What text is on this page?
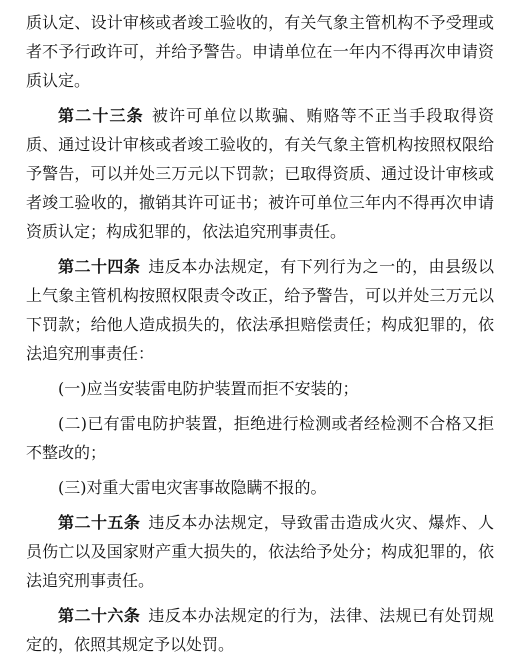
质认定、设计审核或者竣工验收的，有关气象主管机构不予受理或者不予行政许可，并给予警告。申请单位在一年内不得再次申请资质认定。

第二十三条 被许可单位以欺骗、贿赂等不正当手段取得资质、通过设计审核或者竣工验收的，有关气象主管机构按照权限给予警告，可以并处三万元以下罚款；已取得资质、通过设计审核或者竣工验收的，撤销其许可证书；被许可单位三年内不得再次申请资质认定；构成犯罪的，依法追究刑事责任。

第二十四条 违反本办法规定，有下列行为之一的，由县级以上气象主管机构按照权限责令改正，给予警告，可以并处三万元以下罚款；给他人造成损失的，依法承担赔偿责任；构成犯罪的，依法追究刑事责任：

(一)应当安装雷电防护装置而拒不安装的；

(二)已有雷电防护装置，拒绝进行检测或者经检测不合格又拒不整改的；

(三)对重大雷电灾害事故隐瞒不报的。

第二十五条 违反本办法规定，导致雷击造成火灾、爆炸、人员伤亡以及国家财产重大损失的，依法给予处分；构成犯罪的，依法追究刑事责任。

第二十六条 违反本办法规定的行为，法律、法规已有处罚规定的，依照其规定予以处罚。
